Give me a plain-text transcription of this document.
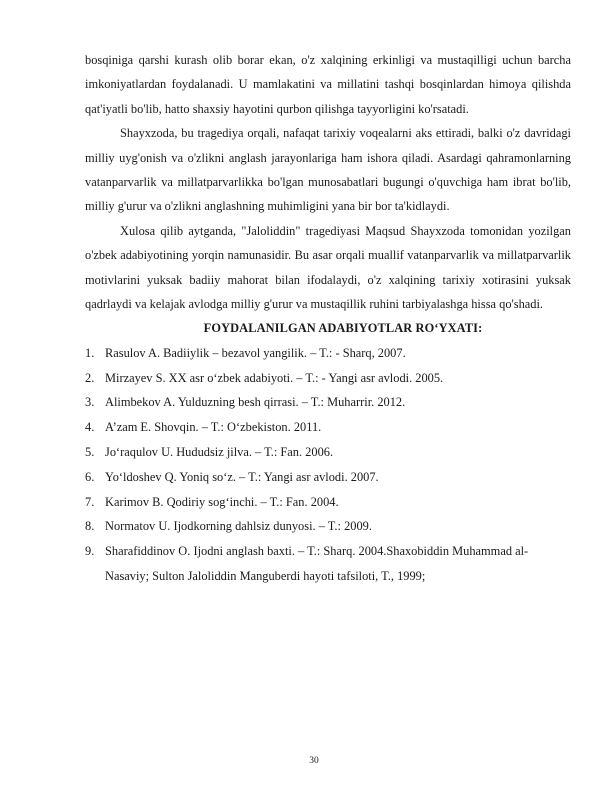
bosqiniga qarshi kurash olib borar ekan, o'z xalqining erkinligi va mustaqilligi uchun barcha imkoniyatlardan foydalanadi. U mamlakatini va millatini tashqi bosqinlardan himoya qilishda qat'iyatli bo'lib, hatto shaxsiy hayotini qurbon qilishga tayyorligini ko'rsatadi.

Shayxzoda, bu tragediya orqali, nafaqat tarixiy voqealarni aks ettiradi, balki o'z davridagi milliy uyg'onish va o'zlikni anglash jarayonlariga ham ishora qiladi. Asardagi qahramonlarning vatanparvarlik va millatparvarlikka bo'lgan munosabatlari bugungi o'quvchiga ham ibrat bo'lib, milliy g'urur va o'zlikni anglashning muhimligini yana bir bor ta'kidlaydi.

Xulosa qilib aytganda, "Jaloliddin" tragediyasi Maqsud Shayxzoda tomonidan yozilgan o'zbek adabiyotining yorqin namunasidir. Bu asar orqali muallif vatanparvarlik va millatparvarlik motivlarini yuksak badiiy mahorat bilan ifodalaydi, o'z xalqining tarixiy xotirasini yuksak qadrlaydi va kelajak avlodga milliy g'urur va mustaqillik ruhini tarbiyalashga hissa qo'shadi.

FOYDALANILGAN ADABIYOTLAR RO‘YXATI:

1. Rasulov A. Badiiylik – bezavol yangilik. – T.: - Sharq, 2007.
2. Mirzayev S. XX asr o‘zbek adabiyoti. – T.: - Yangi asr avlodi. 2005.
3. Alimbekov A. Yulduzning besh qirrasi. – T.: Muharrir. 2012.
4. A’zam E. Shovqin. – T.: O‘zbekiston. 2011.
5. Jo‘raqulov U. Hududsiz jilva. – T.: Fan. 2006.
6. Yo‘ldoshev Q. Yoniq so‘z. – T.: Yangi asr avlodi. 2007.
7. Karimov B. Qodiriy sog‘inchi. – T.: Fan. 2004.
8. Normatov U. Ijodkorning dahlsiz dunyosi. – T.: 2009.
9. Sharafiddinov O. Ijodni anglash baxti. – T.: Sharq. 2004.Shaxobiddin Muhammad al-Nasaviy; Sulton Jaloliddin Manguberdi hayoti tafsiloti, T., 1999;
30
